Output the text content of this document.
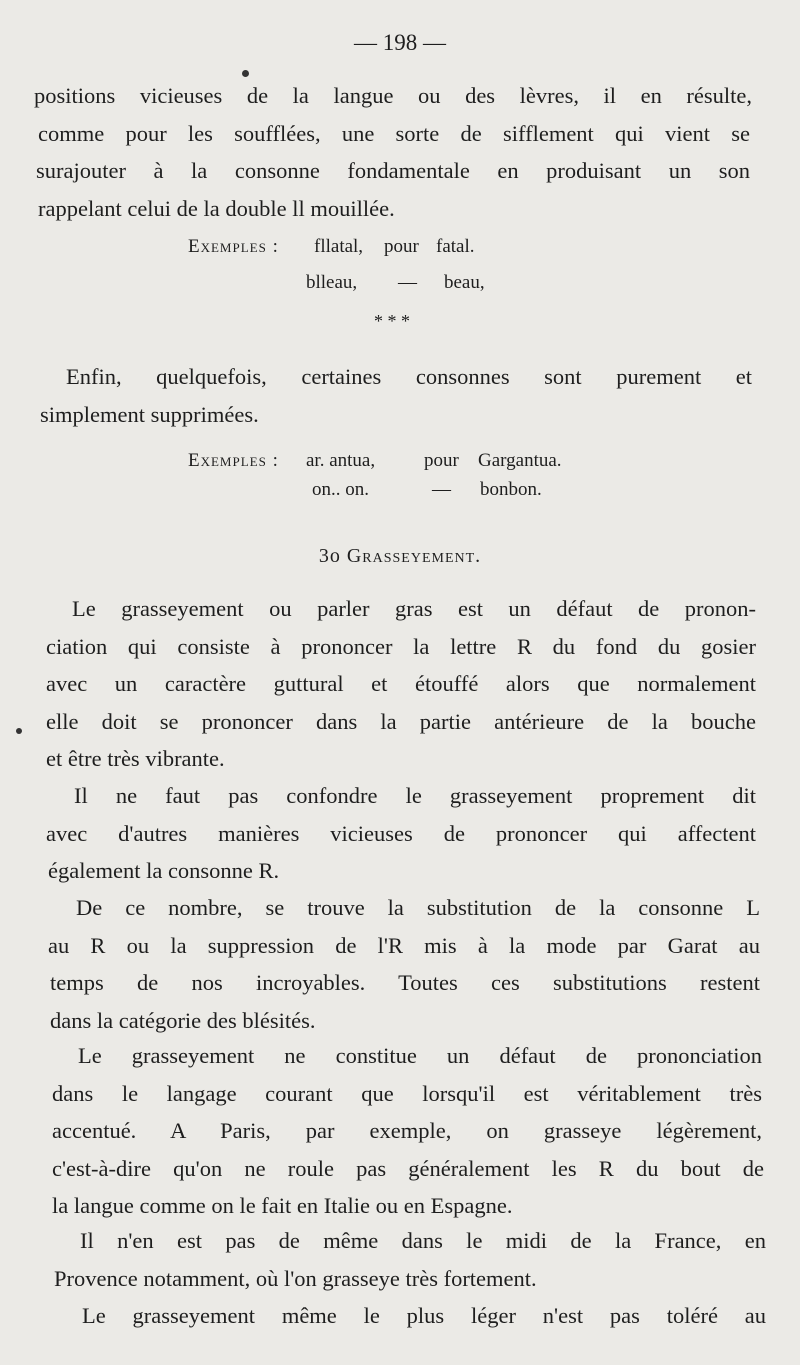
— 198 —
positions vicieuses de la langue ou des lèvres, il en résulte,
comme pour les soufflées, une sorte de sifflement qui vient se
surajouter à la consonne fondamentale en produisant un son
rappelant celui de la double ll mouillée.
Exemples : fllatal, pour fatal.
blleau, — beau,
* * *
Enfin, quelquefois, certaines consonnes sont purement et
simplement supprimées.
Exemples : ar. antua,	pour Gargantua.
on.. on.	— bonbon.
3o Grasseyement.
Le grasseyement ou parler gras est un défaut de pronon-
ciation qui consiste à prononcer la lettre R du fond du gosier
avec un caractère guttural et étouffé alors que normalement
elle doit se prononcer dans la partie antérieure de la bouche
et être très vibrante.
Il ne faut pas confondre le grasseyement proprement dit
avec d'autres manières vicieuses de prononcer qui affectent
également la consonne R.
De ce nombre, se trouve la substitution de la consonne L
au R ou la suppression de l'R mis à la mode par Garat au
temps de nos incroyables. Toutes ces substitutions restent
dans la catégorie des blésités.
Le grasseyement ne constitue un défaut de prononciation
dans le langage courant que lorsqu'il est véritablement très
accentué. A Paris, par exemple, on grasseye légèrement,
c'est-à-dire qu'on ne roule pas généralement les R du bout de
la langue comme on le fait en Italie ou en Espagne.
Il n'en est pas de même dans le midi de la France, en
Provence notamment, où l'on grasseye très fortement.
Le grasseyement même le plus léger n'est pas toléré au
